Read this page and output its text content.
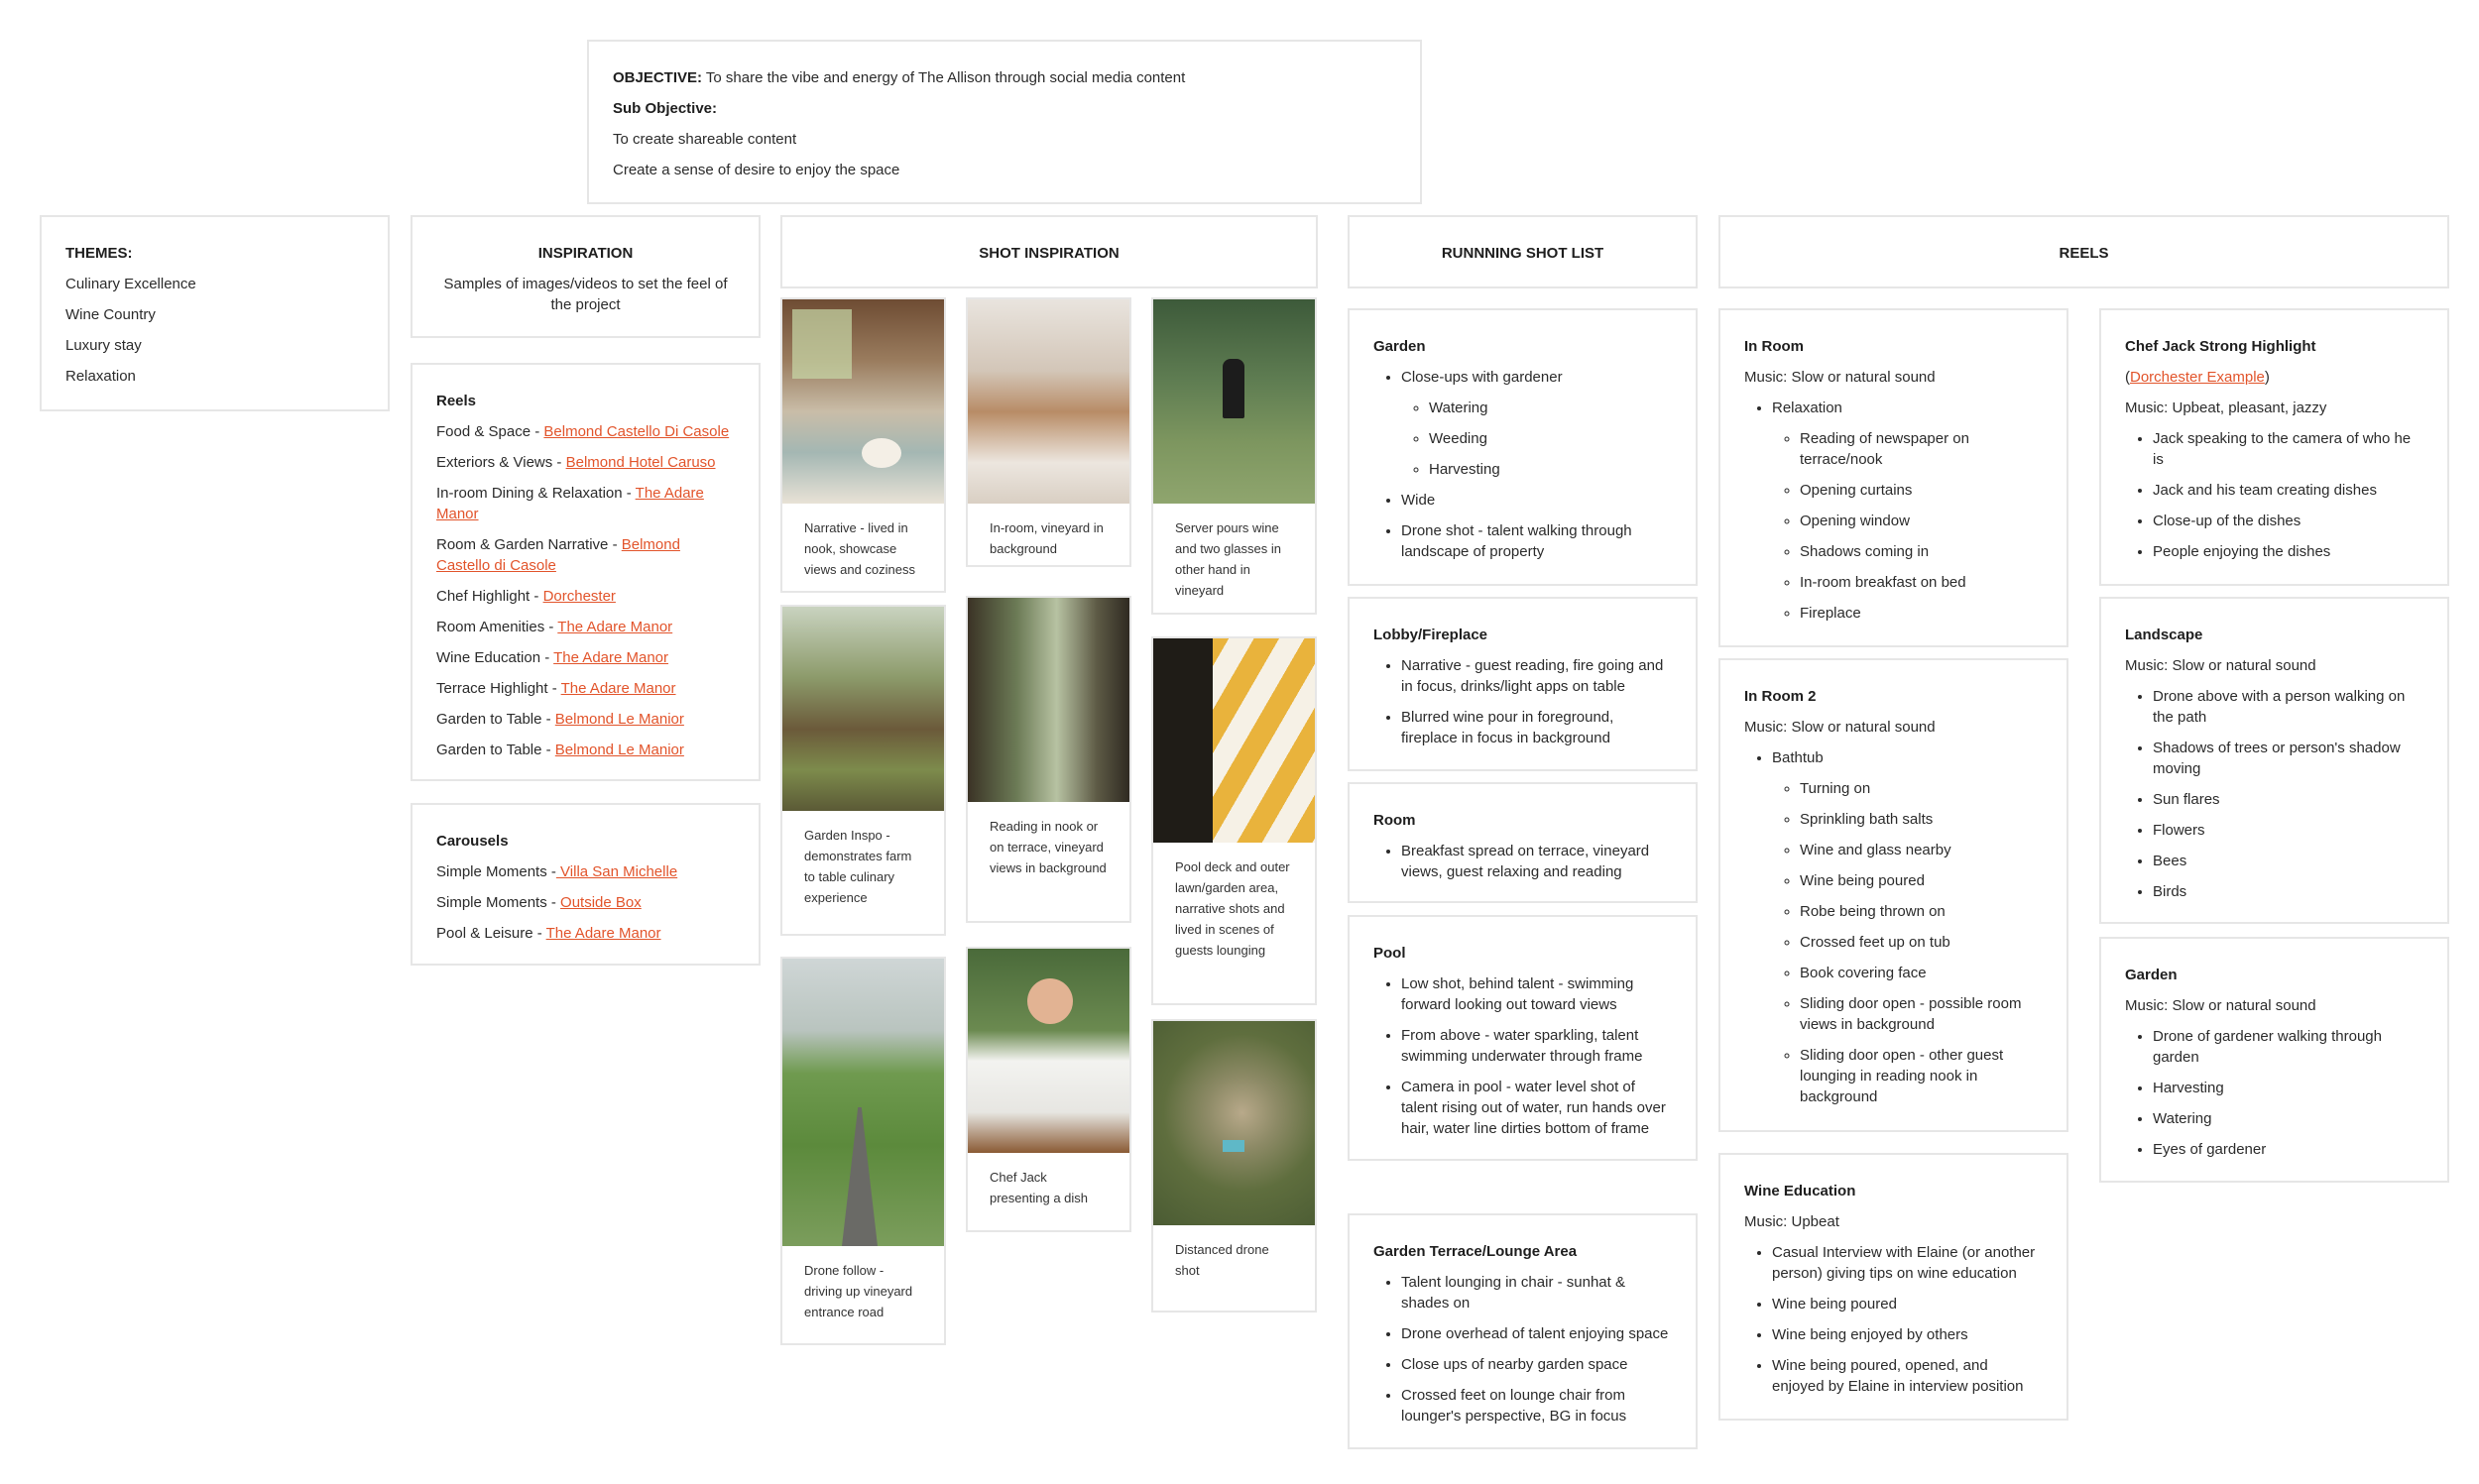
OBJECTIVE: To share the vibe and energy of The Allison through social media content

Sub Objective:

To create shareable content

Create a sense of desire to enjoy the space

THEMES:
Culinary Excellence
Wine Country
Luxury stay
Relaxation
INSPIRATION
Samples of images/videos to set the feel of the project
Reels
Food & Space - Belmond Castello Di Casole
Exteriors & Views - Belmond Hotel Caruso
In-room Dining & Relaxation - The Adare Manor
Room & Garden Narrative - Belmond Castello di Casole
Chef Highlight - Dorchester
Room Amenities - The Adare Manor
Wine Education - The Adare Manor
Terrace Highlight - The Adare Manor
Garden to Table - Belmond Le Manior
Garden to Table - Belmond Le Manior
Carousels
Simple Moments - Villa San Michelle
Simple Moments - Outside Box
Pool & Leisure - The Adare Manor
SHOT INSPIRATION
Narrative - lived in nook, showcase views and coziness
In-room, vineyard in background
Server pours wine and two glasses in other hand in vineyard
Garden Inspo - demonstrates farm to table culinary experience
Reading in nook or on terrace, vineyard views in background	Pool deck and outer lawn/garden area, narrative shots and lived in scenes of guests lounging
Drone follow - driving up vineyard entrance road
Chef Jack presenting a dish
Distanced drone shot
RUNNNING SHOT LIST
Garden
• Close-ups with gardener
◦ Watering
◦ Weeding
◦ Harvesting
• Wide
• Drone shot - talent walking through landscape of property
Lobby/Fireplace
• Narrative - guest reading, fire going and in focus, drinks/light apps on table
• Blurred wine pour in foreground, fireplace in focus in background
Room
• Breakfast spread on terrace, vineyard views, guest relaxing and reading
Pool
• Low shot, behind talent - swimming forward looking out toward views
• From above - water sparkling, talent swimming underwater through frame
• Camera in pool - water level shot of talent rising out of water, run hands over hair, water line dirties bottom of frame
Garden Terrace/Lounge Area
• Talent lounging in chair - sunhat & shades on
• Drone overhead of talent enjoying space
• Close ups of nearby garden space
• Crossed feet on lounge chair from lounger's perspective, BG in focus
REELS
In Room
Music: Slow or natural sound
• Relaxation
◦ Reading of newspaper on terrace/nook
◦ Opening curtains
◦ Opening window
◦ Shadows coming in
◦ In-room breakfast on bed
◦ Fireplace
In Room 2
Music: Slow or natural sound
• Bathtub
◦ Turning on
◦ Sprinkling bath salts
◦ Wine and glass nearby
◦ Wine being poured
◦ Robe being thrown on
◦ Crossed feet up on tub
◦ Book covering face
◦ Sliding door open - possible room views in background
◦ Sliding door open - other guest lounging in reading nook in background
Wine Education
Music: Upbeat
• Casual Interview with Elaine (or another person) giving tips on wine education
• Wine being poured
• Wine being enjoyed by others
• Wine being poured, opened, and enjoyed by Elaine in interview position
Chef Jack Strong Highlight
(Dorchester Example)
Music: Upbeat, pleasant, jazzy
• Jack speaking to the camera of who he is
• Jack and his team creating dishes
• Close-up of the dishes
• People enjoying the dishes
Landscape
Music: Slow or natural sound
• Drone above with a person walking on the path
• Shadows of trees or person's shadow moving
• Sun flares
• Flowers
• Bees
• Birds
Garden
Music: Slow or natural sound
• Drone of gardener walking through garden
• Harvesting
• Watering
• Eyes of gardener
